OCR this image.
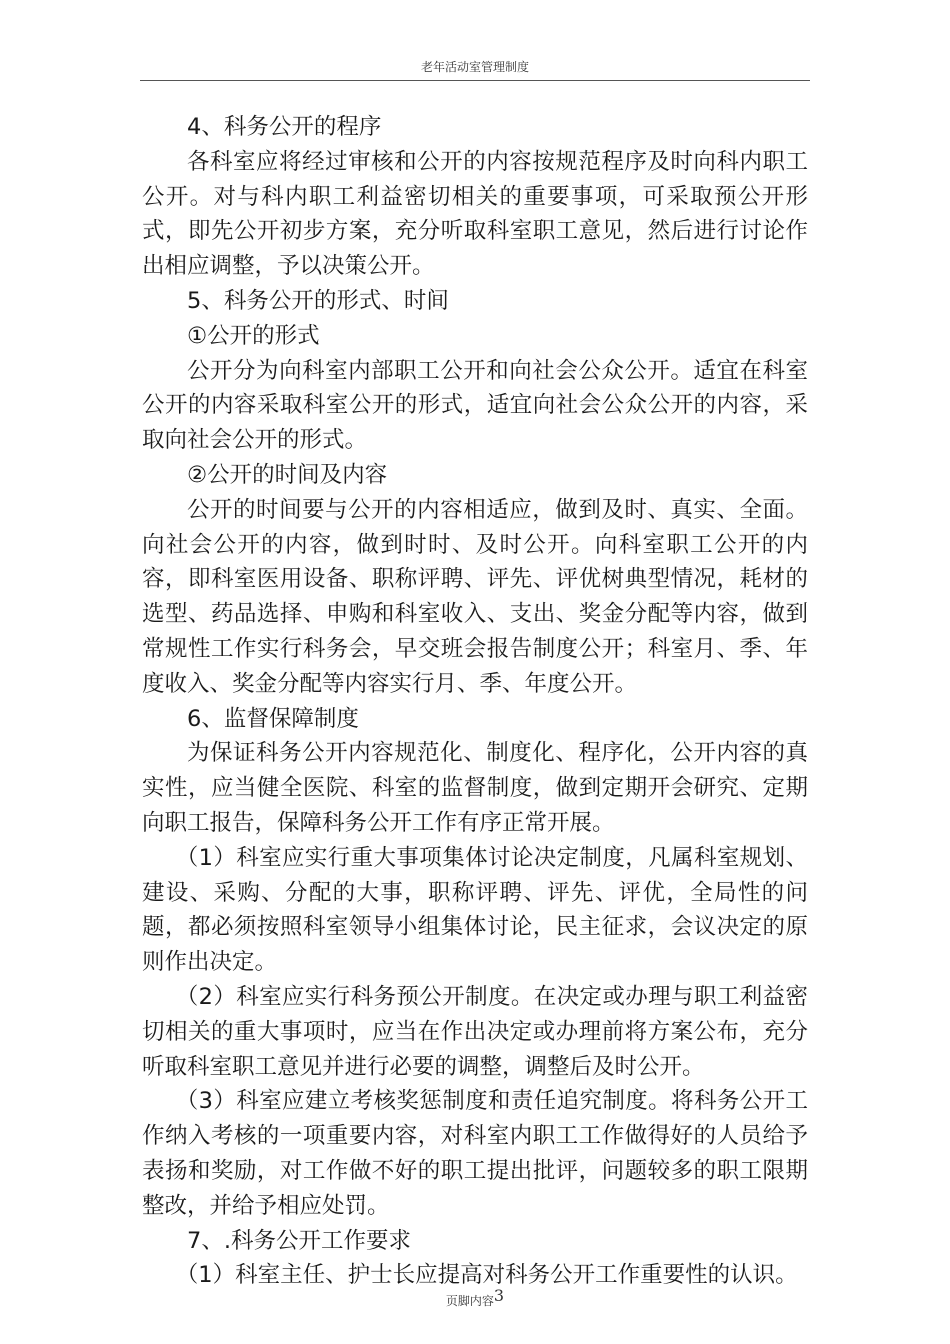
老年活动室管理制度

4、科务公开的程序

各科室应将经过审核和公开的内容按规范程序及时向科内职工公开。对与科内职工利益密切相关的重要事项，可采取预公开形式，即先公开初步方案，充分听取科室职工意见，然后进行讨论作出相应调整，予以决策公开。

5、科务公开的形式、时间

①公开的形式

公开分为向科室内部职工公开和向社会公众公开。适宜在科室公开的内容采取科室公开的形式，适宜向社会公众公开的内容，采取向社会公开的形式。

②公开的时间及内容

公开的时间要与公开的内容相适应，做到及时、真实、全面。向社会公开的内容，做到时时、及时公开。向科室职工公开的内容，即科室医用设备、职称评聘、评先、评优树典型情况，耗材的选型、药品选择、申购和科室收入、支出、奖金分配等内容，做到常规性工作实行科务会，早交班会报告制度公开；科室月、季、年度收入、奖金分配等内容实行月、季、年度公开。

6、监督保障制度

为保证科务公开内容规范化、制度化、程序化，公开内容的真实性，应当健全医院、科室的监督制度，做到定期开会研究、定期向职工报告，保障科务公开工作有序正常开展。

（1）科室应实行重大事项集体讨论决定制度，凡属科室规划、建设、采购、分配的大事，职称评聘、评先、评优，全局性的问题，都必须按照科室领导小组集体讨论，民主征求，会议决定的原则作出决定。

（2）科室应实行科务预公开制度。在决定或办理与职工利益密切相关的重大事项时，应当在作出决定或办理前将方案公布，充分听取科室职工意见并进行必要的调整，调整后及时公开。

（3）科室应建立考核奖惩制度和责任追究制度。将科务公开工作纳入考核的一项重要内容，对科室内职工工作做得好的人员给予表扬和奖励，对工作做不好的职工提出批评，问题较多的职工限期整改，并给予相应处罚。

7、.科务公开工作要求

（1）科室主任、护士长应提高对科务公开工作重要性的认识。

页脚内容3
